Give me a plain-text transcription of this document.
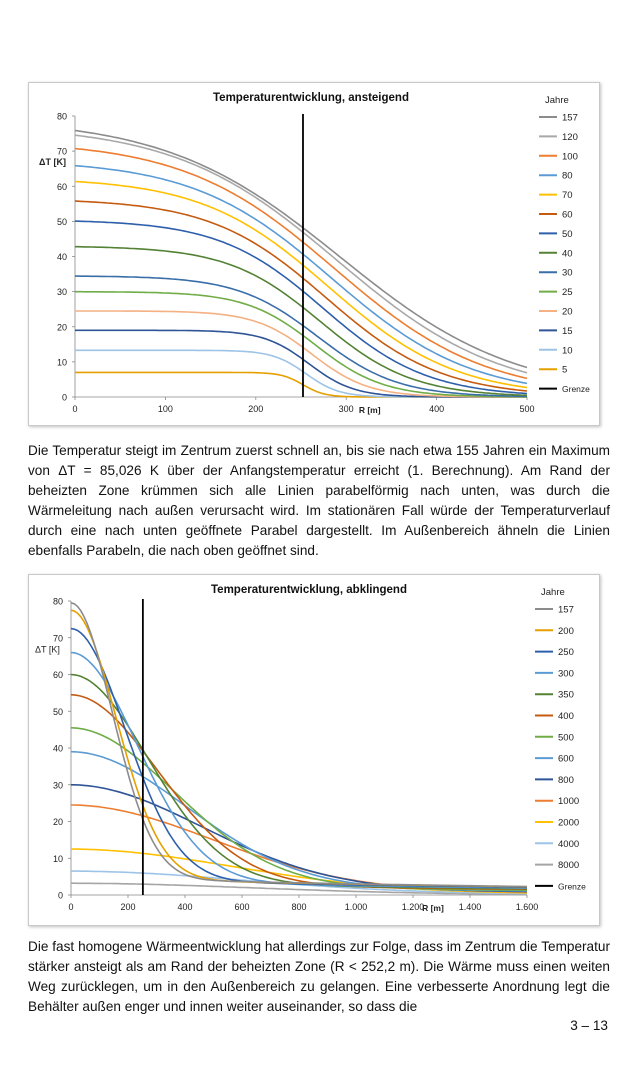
Temperaturentwicklung, ansteigend
0
10
20
30
40
50
60
70
80
0	100	200	300	400	500
ΔT [K]
R [m]
Jahre
157
120
100
80
70
60
50
40
30
25
20
15
10
5
Grenze

Die Temperatur steigt im Zentrum zuerst schnell an, bis sie nach etwa 155 Jahren ein Maximum von ΔT = 85,026 K über der Anfangstemperatur erreicht (1. Berechnung). Am Rand der beheizten Zone krümmen sich alle Linien parabelförmig nach unten, was durch die Wärmeleitung nach außen verursacht wird. Im stationären Fall würde der Temperaturverlauf durch eine nach unten geöffnete Parabel dargestellt. Im Außenbereich ähneln die Linien ebenfalls Parabeln, die nach oben geöffnet sind.

Temperaturentwicklung, abklingend
0
10
20
30
40
50
60
70
80
0	200	400	600	800	1.000	1.200	1.400	1.600
ΔT [K]
R [m]
Jahre
157
200
250
300
350
400
500
600
800
1000
2000
4000
8000
Grenze

Die fast homogene Wärmeentwicklung hat allerdings zur Folge, dass im Zentrum die Temperatur stärker ansteigt als am Rand der beheizten Zone (R < 252,2 m). Die Wärme muss einen weiten Weg zurücklegen, um in den Außenbereich zu gelangen. Eine verbesserte Anordnung legt die Behälter außen enger und innen weiter auseinander, so dass die

3 – 13
